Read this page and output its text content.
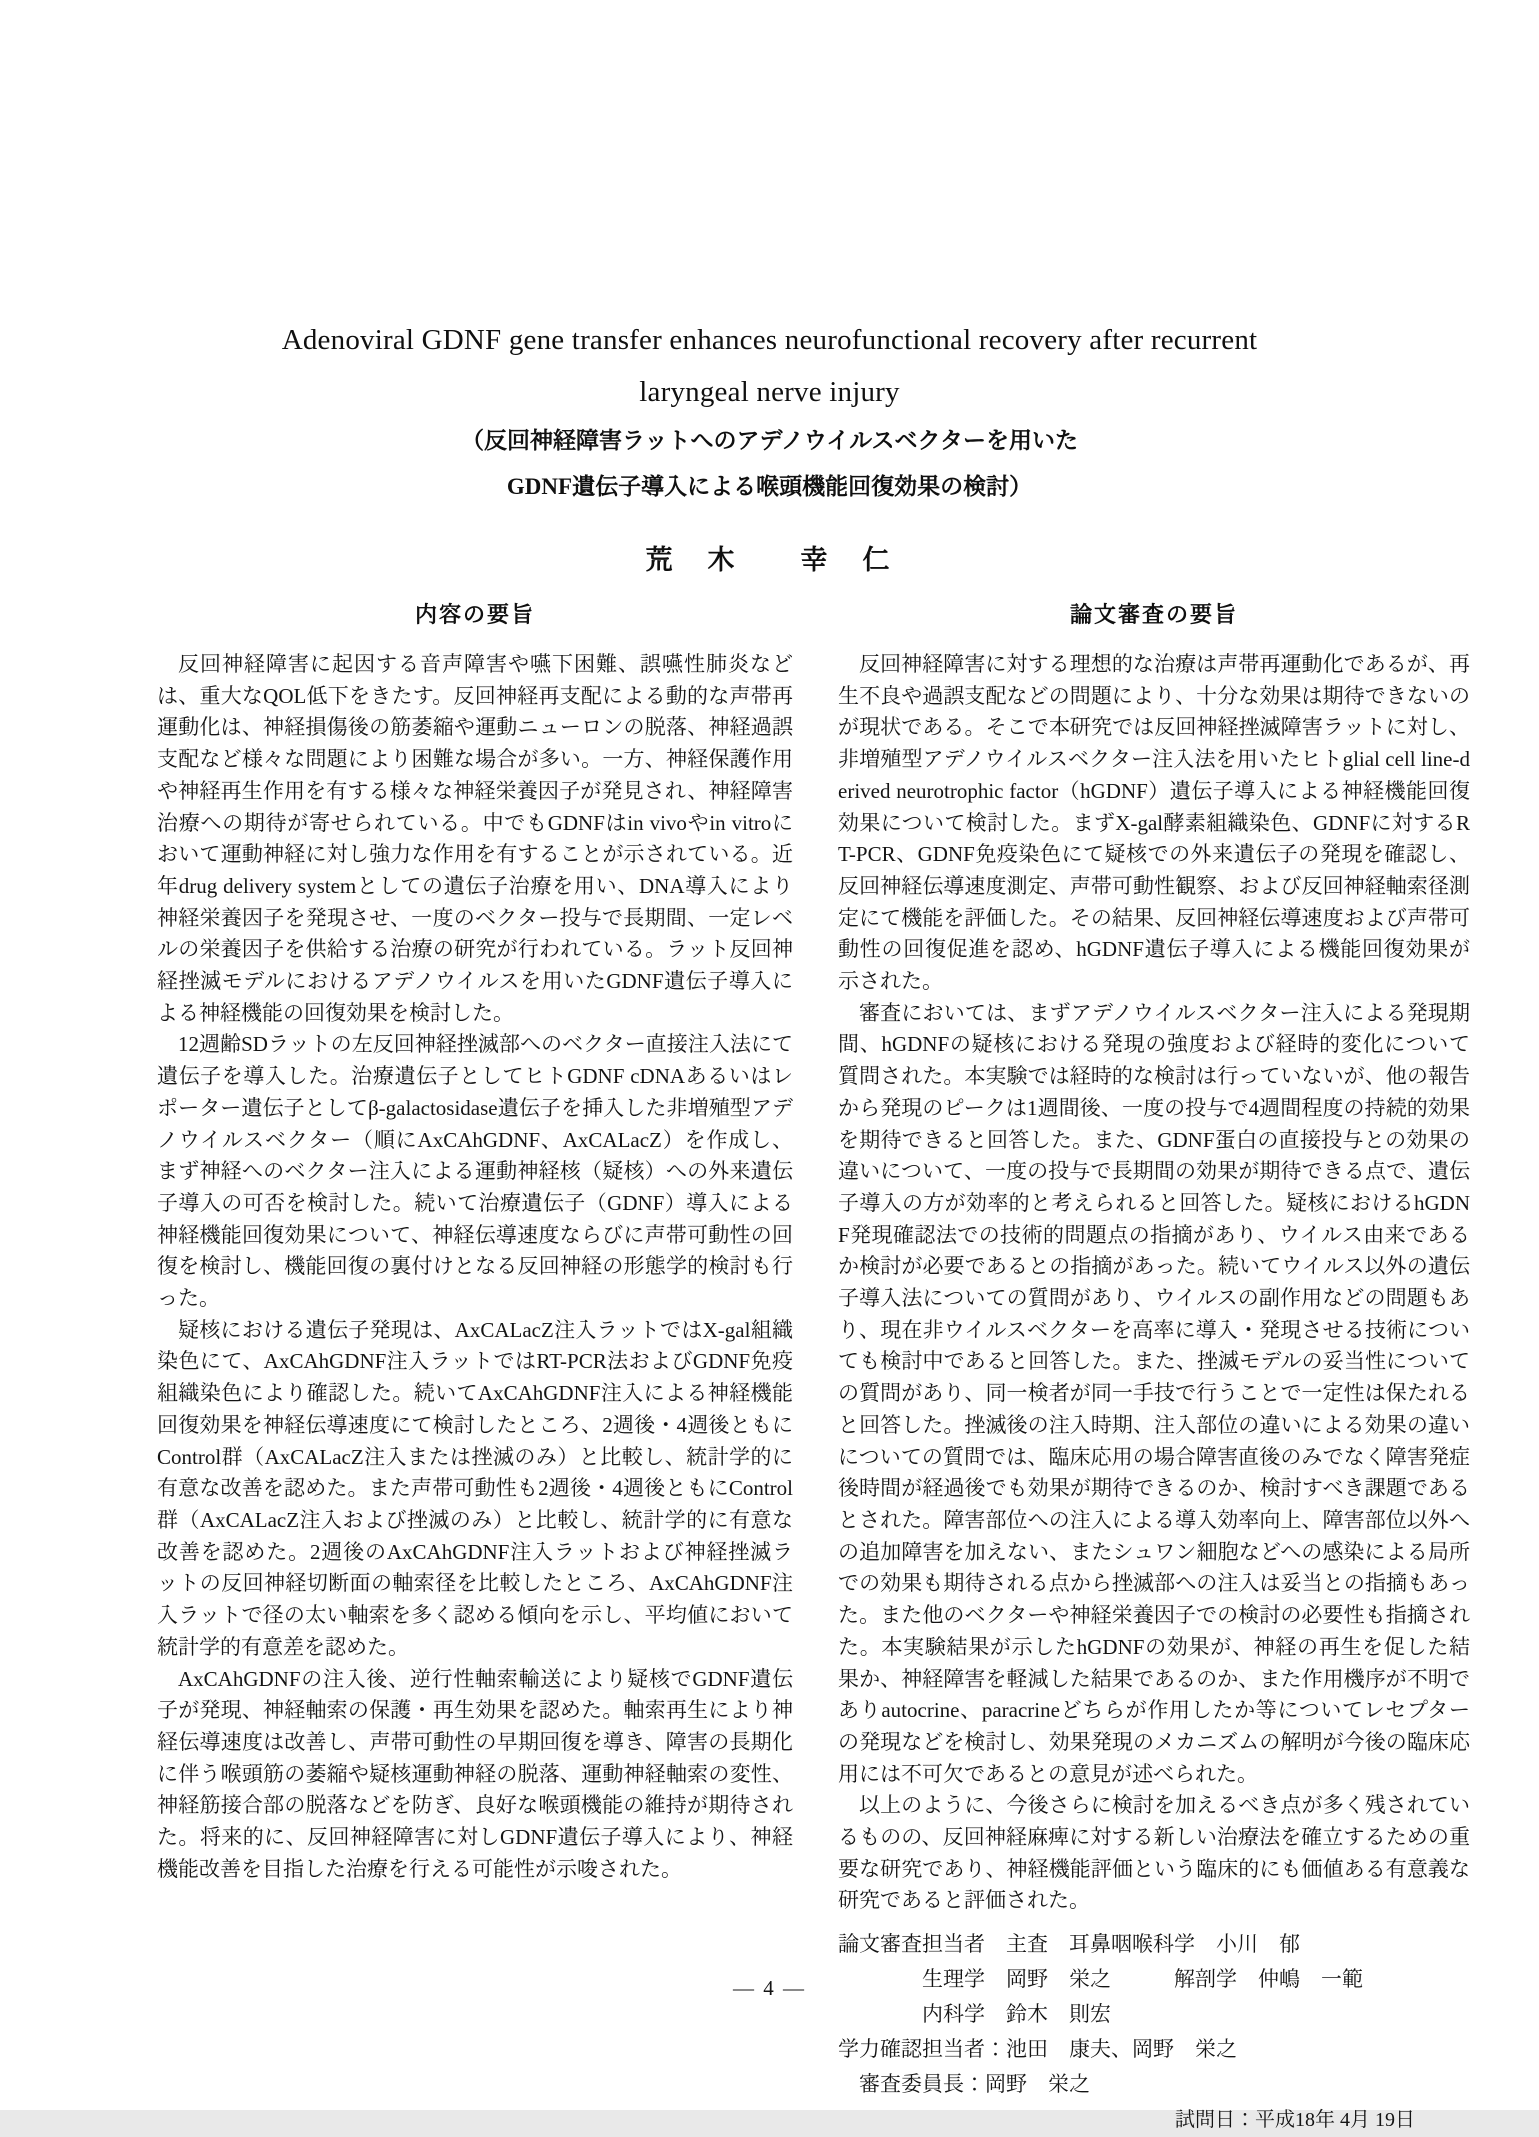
Adenoviral GDNF gene transfer enhances neurofunctional recovery after recurrent
laryngeal nerve injury
（反回神経障害ラットへのアデノウイルスベクターを用いた
GDNF遺伝子導入による喉頭機能回復効果の検討）
荒　木　　幸　仁
内容の要旨

反回神経障害に起因する音声障害や嚥下困難、誤嚥性肺炎などは、重大なQOL低下をきたす。反回神経再支配による動的な声帯再運動化は、神経損傷後の筋萎縮や運動ニューロンの脱落、神経過誤支配など様々な問題により困難な場合が多い。一方、神経保護作用や神経再生作用を有する様々な神経栄養因子が発見され、神経障害治療への期待が寄せられている。中でもGDNFはin vivoやin vitroにおいて運動神経に対し強力な作用を有することが示されている。近年drug delivery systemとしての遺伝子治療を用い、DNA導入により神経栄養因子を発現させ、一度のベクター投与で長期間、一定レベルの栄養因子を供給する治療の研究が行われている。ラット反回神経挫滅モデルにおけるアデノウイルスを用いたGDNF遺伝子導入による神経機能の回復効果を検討した。

12週齢SDラットの左反回神経挫滅部へのベクター直接注入法にて遺伝子を導入した。治療遺伝子としてヒトGDNF cDNAあるいはレポーター遺伝子としてβ-galactosidase遺伝子を挿入した非増殖型アデノウイルスベクター（順にAxCAhGDNF、AxCALacZ）を作成し、まず神経へのベクター注入による運動神経核（疑核）への外来遺伝子導入の可否を検討した。続いて治療遺伝子（GDNF）導入による神経機能回復効果について、神経伝導速度ならびに声帯可動性の回復を検討し、機能回復の裏付けとなる反回神経の形態学的検討も行った。

疑核における遺伝子発現は、AxCALacZ注入ラットではX-gal組織染色にて、AxCAhGDNF注入ラットではRT-PCR法およびGDNF免疫組織染色により確認した。続いてAxCAhGDNF注入による神経機能回復効果を神経伝導速度にて検討したところ、2週後・4週後ともにControl群（AxCALacZ注入または挫滅のみ）と比較し、統計学的に有意な改善を認めた。また声帯可動性も2週後・4週後ともにControl群（AxCALacZ注入および挫滅のみ）と比較し、統計学的に有意な改善を認めた。2週後のAxCAhGDNF注入ラットおよび神経挫滅ラットの反回神経切断面の軸索径を比較したところ、AxCAhGDNF注入ラットで径の太い軸索を多く認める傾向を示し、平均値において統計学的有意差を認めた。

AxCAhGDNFの注入後、逆行性軸索輸送により疑核でGDNF遺伝子が発現、神経軸索の保護・再生効果を認めた。軸索再生により神経伝導速度は改善し、声帯可動性の早期回復を導き、障害の長期化に伴う喉頭筋の萎縮や疑核運動神経の脱落、運動神経軸索の変性、神経筋接合部の脱落などを防ぎ、良好な喉頭機能の維持が期待された。将来的に、反回神経障害に対しGDNF遺伝子導入により、神経機能改善を目指した治療を行える可能性が示唆された。

論文審査の要旨

反回神経障害に対する理想的な治療は声帯再運動化であるが、再生不良や過誤支配などの問題により、十分な効果は期待できないのが現状である。そこで本研究では反回神経挫滅障害ラットに対し、非増殖型アデノウイルスベクター注入法を用いたヒトglial cell line-derived neurotrophic factor（hGDNF）遺伝子導入による神経機能回復効果について検討した。まずX-gal酵素組織染色、GDNFに対するRT-PCR、GDNF免疫染色にて疑核での外来遺伝子の発現を確認し、反回神経伝導速度測定、声帯可動性観察、および反回神経軸索径測定にて機能を評価した。その結果、反回神経伝導速度および声帯可動性の回復促進を認め、hGDNF遺伝子導入による機能回復効果が示された。

審査においては、まずアデノウイルスベクター注入による発現期間、hGDNFの疑核における発現の強度および経時的変化について質問された。本実験では経時的な検討は行っていないが、他の報告から発現のピークは1週間後、一度の投与で4週間程度の持続的効果を期待できると回答した。また、GDNF蛋白の直接投与との効果の違いについて、一度の投与で長期間の効果が期待できる点で、遺伝子導入の方が効率的と考えられると回答した。疑核におけるhGDNF発現確認法での技術的問題点の指摘があり、ウイルス由来であるか検討が必要であるとの指摘があった。続いてウイルス以外の遺伝子導入法についての質問があり、ウイルスの副作用などの問題もあり、現在非ウイルスベクターを高率に導入・発現させる技術についても検討中であると回答した。また、挫滅モデルの妥当性についての質問があり、同一検者が同一手技で行うことで一定性は保たれると回答した。挫滅後の注入時期、注入部位の違いによる効果の違いについての質問では、臨床応用の場合障害直後のみでなく障害発症後時間が経過後でも効果が期待できるのか、検討すべき課題であるとされた。障害部位への注入による導入効率向上、障害部位以外への追加障害を加えない、またシュワン細胞などへの感染による局所での効果も期待される点から挫滅部への注入は妥当との指摘もあった。また他のベクターや神経栄養因子での検討の必要性も指摘された。本実験結果が示したhGDNFの効果が、神経の再生を促した結果か、神経障害を軽減した結果であるのか、また作用機序が不明でありautocrine、paracrineどちらが作用したか等についてレセプターの発現などを検討し、効果発現のメカニズムの解明が今後の臨床応用には不可欠であるとの意見が述べられた。

以上のように、今後さらに検討を加えるべき点が多く残されているものの、反回神経麻痺に対する新しい治療法を確立するための重要な研究であり、神経機能評価という臨床的にも価値ある有意義な研究であると評価された。

論文審査担当者　主査　耳鼻咽喉科学　小川　郁
　　　　生理学　岡野　栄之　　　解剖学　仲嶋　一範
　　　　内科学　鈴木　則宏
学力確認担当者：池田　康夫、岡野　栄之
　審査委員長：岡野　栄之
試問日：平成18年 4月 19日
— 4 —
